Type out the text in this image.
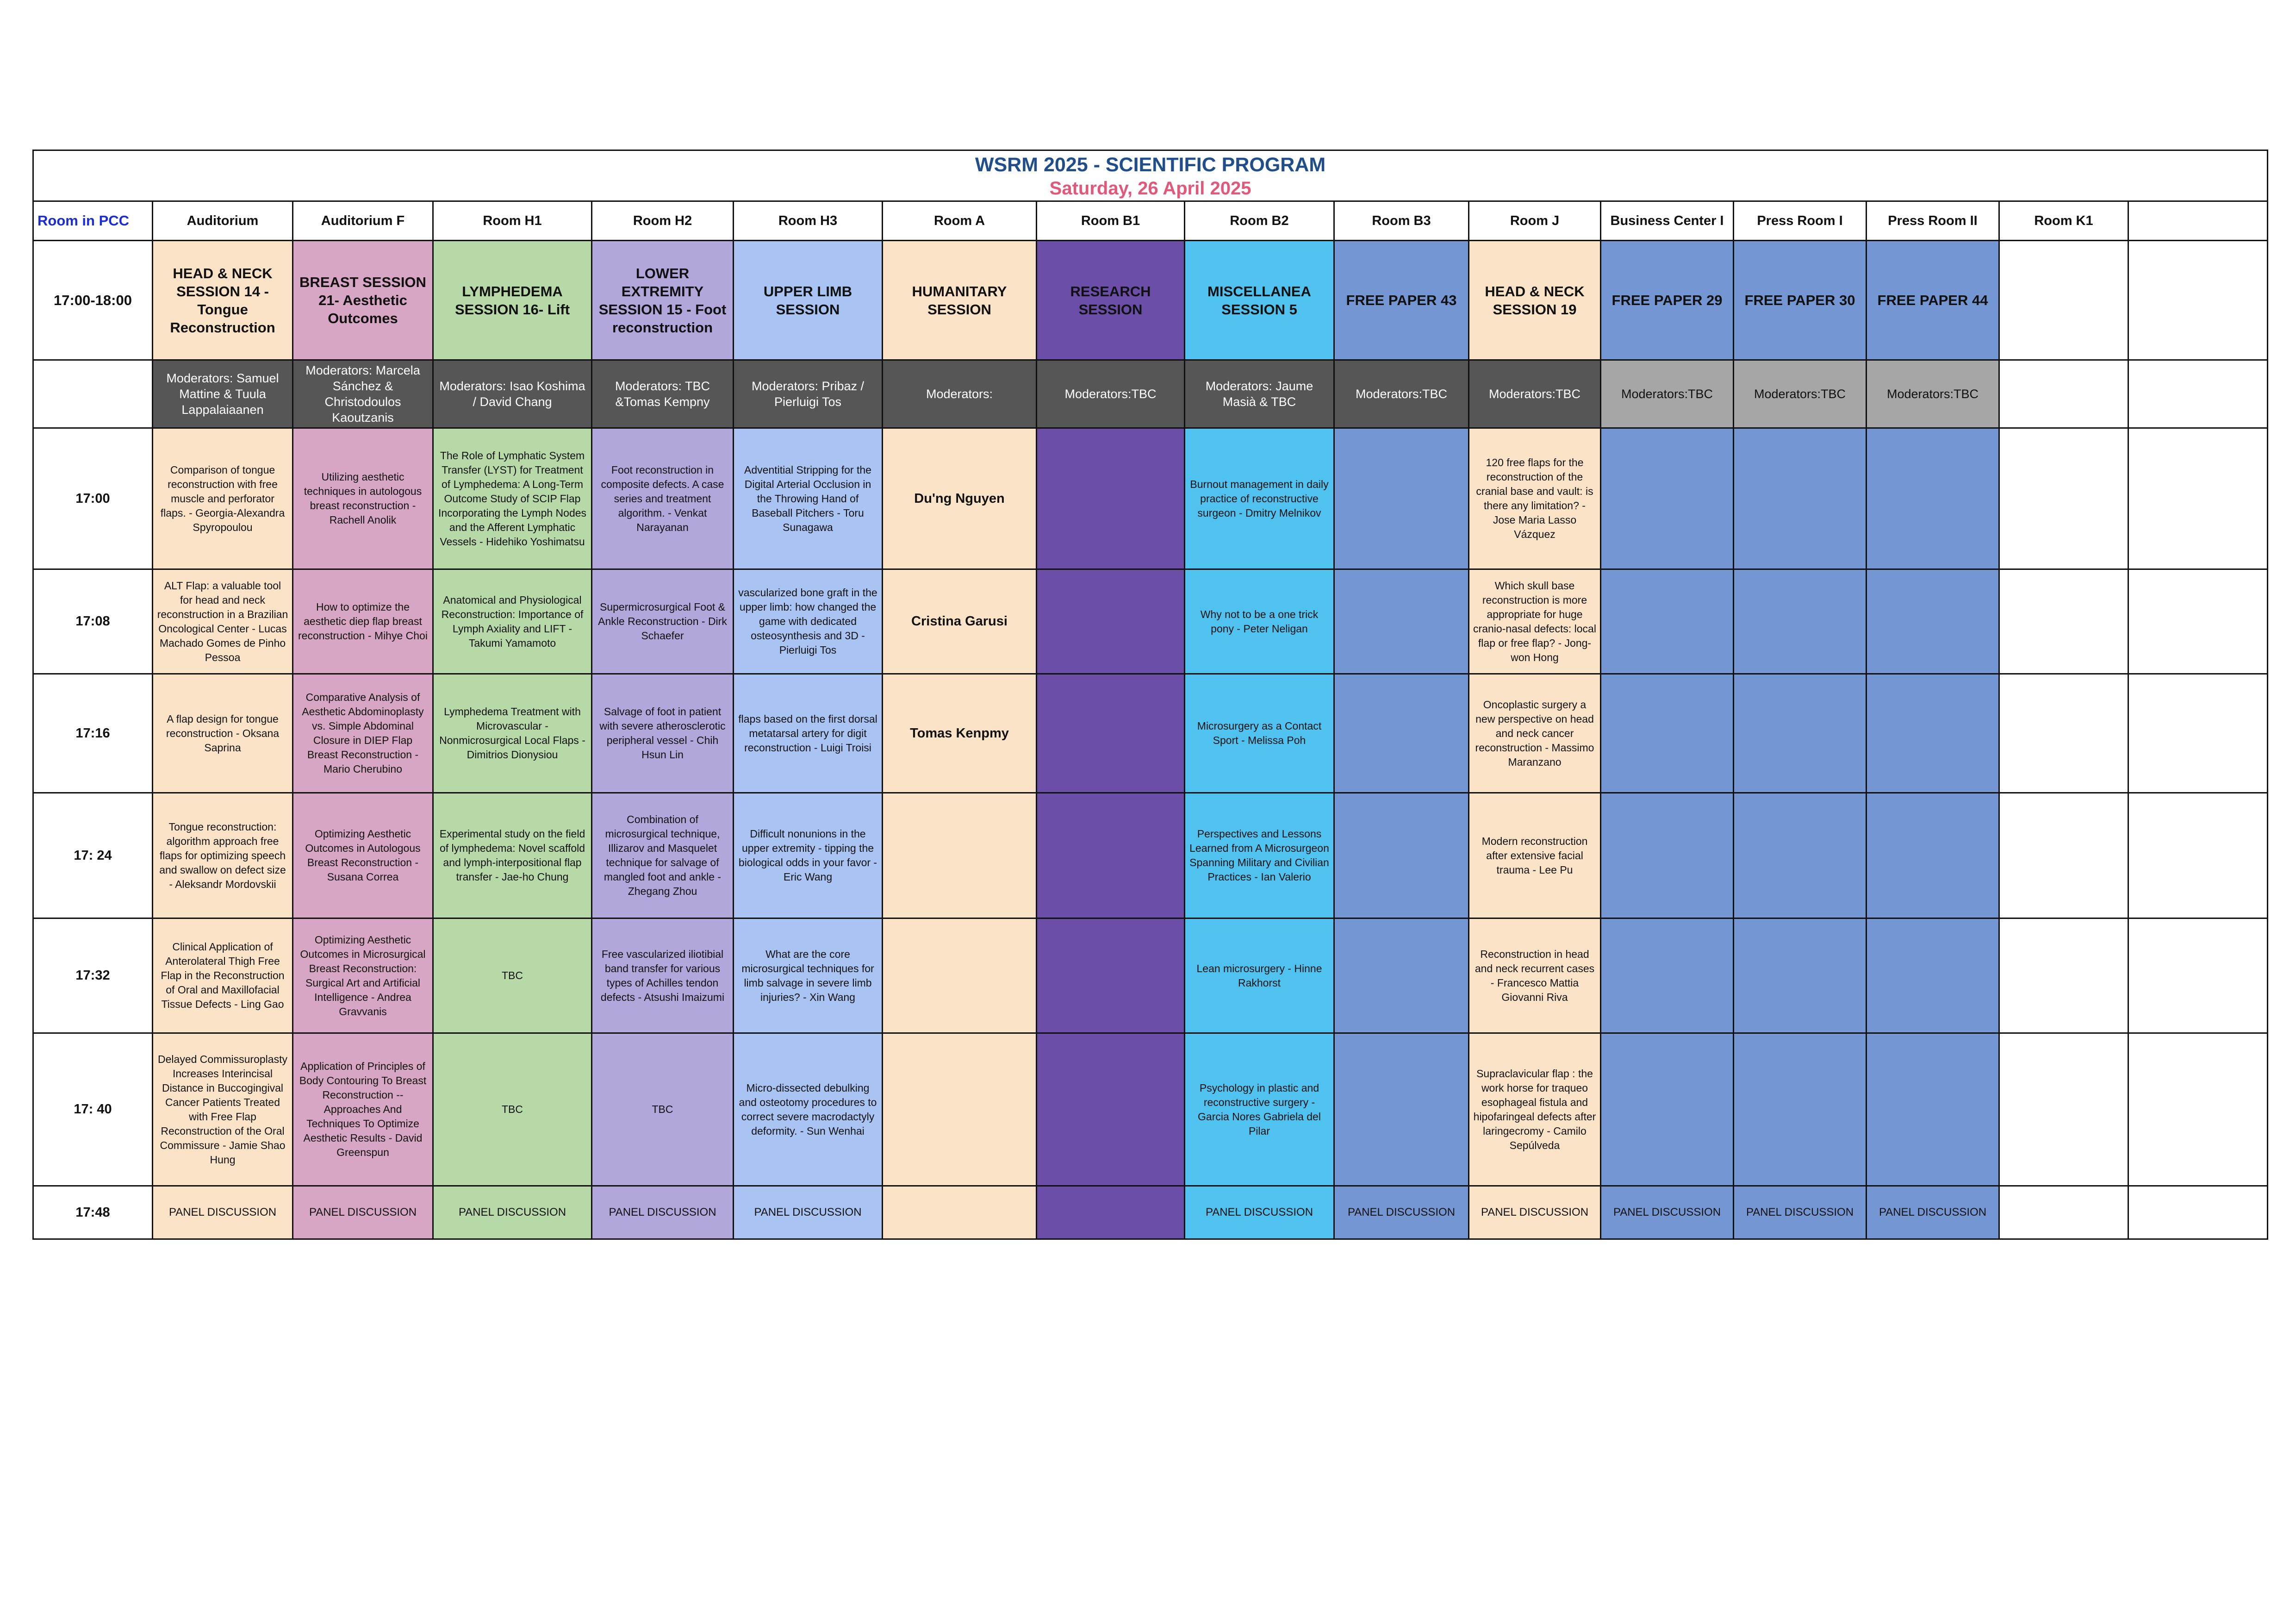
WSRM 2025 - SCIENTIFIC PROGRAM
Saturday, 26 April 2025															

Room in PCC	Auditorium	Auditorium F	Room H1	Room H2	Room H3	Room A	Room B1	Room B2	Room B3	Room J	Business Center I	Press Room I	Press Room II	Room K1	
17:00-18:00	HEAD & NECK SESSION 14 - Tongue Reconstruction	BREAST SESSION 21- Aesthetic Outcomes	LYMPHEDEMA SESSION 16- Lift	LOWER EXTREMITY SESSION 15 - Foot reconstruction	UPPER LIMB SESSION	HUMANITARY SESSION	RESEARCH SESSION	MISCELLANEA SESSION 5	FREE PAPER 43	HEAD & NECK SESSION 19	FREE PAPER 29	FREE PAPER 30	FREE PAPER 44		
	Moderators: Samuel Mattine & Tuula Lappalaiaanen	Moderators: Marcela Sánchez & Christodoulos Kaoutzanis	Moderators: Isao Koshima / David Chang	Moderators: TBC &Tomas Kempny	Moderators: Pribaz / Pierluigi Tos	Moderators:	Moderators:TBC	Moderators: Jaume Masià & TBC	Moderators:TBC	Moderators:TBC	Moderators:TBC	Moderators:TBC	Moderators:TBC		
17:00	Comparison of tongue reconstruction with free muscle and perforator flaps. - Georgia-Alexandra Spyropoulou	Utilizing aesthetic techniques in autologous breast reconstruction - Rachell Anolik	The Role of Lymphatic System Transfer (LYST) for Treatment of Lymphedema: A Long-Term Outcome Study of SCIP Flap Incorporating the Lymph Nodes and the Afferent Lymphatic Vessels - Hidehiko Yoshimatsu	Foot reconstruction in composite defects. A case series and treatment algorithm. - Venkat Narayanan	Adventitial Stripping for the Digital Arterial Occlusion in the Throwing Hand of Baseball Pitchers - Toru Sunagawa	Du'ng Nguyen		Burnout management in daily practice of reconstructive surgeon - Dmitry Melnikov		120 free flaps for the reconstruction of the cranial base and vault: is there any limitation? - Jose Maria Lasso Vázquez					
17:08	ALT Flap: a valuable tool for head and neck reconstruction in a Brazilian Oncological Center - Lucas Machado Gomes de Pinho Pessoa	How to optimize the aesthetic diep flap breast reconstruction - Mihye Choi	Anatomical and Physiological Reconstruction: Importance of Lymph Axiality and LIFT - Takumi Yamamoto	Supermicrosurgical Foot & Ankle Reconstruction - Dirk Schaefer	vascularized bone graft in the upper limb: how changed the game with dedicated osteosynthesis and 3D - Pierluigi Tos	Cristina Garusi		Why not to be a one trick pony - Peter Neligan		Which skull base reconstruction is more appropriate for huge cranio-nasal defects: local flap or free flap? - Jong-won Hong					
17:16	A flap design for tongue reconstruction - Oksana Saprina	Comparative Analysis of Aesthetic Abdominoplasty vs. Simple Abdominal Closure in DIEP Flap Breast Reconstruction - Mario Cherubino	Lymphedema Treatment with Microvascular - Nonmicrosurgical Local Flaps - Dimitrios Dionysiou	Salvage of foot in patient with severe atherosclerotic peripheral vessel - Chih Hsun Lin	flaps based on the first dorsal metatarsal artery for digit reconstruction - Luigi Troisi	Tomas Kenpmy		Microsurgery as a Contact Sport - Melissa Poh		Oncoplastic surgery a new perspective on head and neck cancer reconstruction - Massimo Maranzano					
17: 24	Tongue reconstruction: algorithm approach free flaps for optimizing speech and swallow on defect size - Aleksandr Mordovskii	Optimizing Aesthetic Outcomes in Autologous Breast Reconstruction - Susana Correa	Experimental study on the field of lymphedema: Novel scaffold and lymph-interpositional flap transfer - Jae-ho Chung	Combination of microsurgical technique, Illizarov and Masquelet technique for salvage of mangled foot and ankle - Zhegang Zhou	Difficult nonunions in the upper extremity - tipping the biological odds in your favor - Eric Wang			Perspectives and Lessons Learned from A Microsurgeon Spanning Military and Civilian Practices - Ian Valerio		Modern reconstruction after extensive facial trauma - Lee Pu					
17:32	Clinical Application of Anterolateral Thigh Free Flap in the Reconstruction of Oral and Maxillofacial Tissue Defects - Ling Gao	Optimizing Aesthetic Outcomes in Microsurgical Breast Reconstruction: Surgical Art and Artificial Intelligence - Andrea Gravvanis	TBC	Free vascularized iliotibial band transfer for various types of Achilles tendon defects - Atsushi Imaizumi	What are the core microsurgical techniques for limb salvage in severe limb injuries? - Xin Wang			Lean microsurgery - Hinne Rakhorst		Reconstruction in head and neck recurrent cases - Francesco Mattia Giovanni Riva					
17: 40	Delayed Commissuroplasty Increases Interincisal Distance in Buccogingival Cancer Patients Treated with Free Flap Reconstruction of the Oral Commissure - Jamie Shao Hung	Application of Principles of Body Contouring To Breast Reconstruction -- Approaches And Techniques To Optimize Aesthetic Results - David Greenspun	TBC	TBC	Micro-dissected debulking and osteotomy procedures to correct severe macrodactyly deformity. - Sun Wenhai			Psychology in plastic and reconstructive surgery - Garcia Nores Gabriela del Pilar		Supraclavicular flap : the work horse for traqueo esophageal fistula and hipofaringeal defects after laringecromy - Camilo Sepúlveda					
17:48	PANEL DISCUSSION	PANEL DISCUSSION	PANEL DISCUSSION	PANEL DISCUSSION	PANEL DISCUSSION			PANEL DISCUSSION	PANEL DISCUSSION	PANEL DISCUSSION	PANEL DISCUSSION	PANEL DISCUSSION	PANEL DISCUSSION		
